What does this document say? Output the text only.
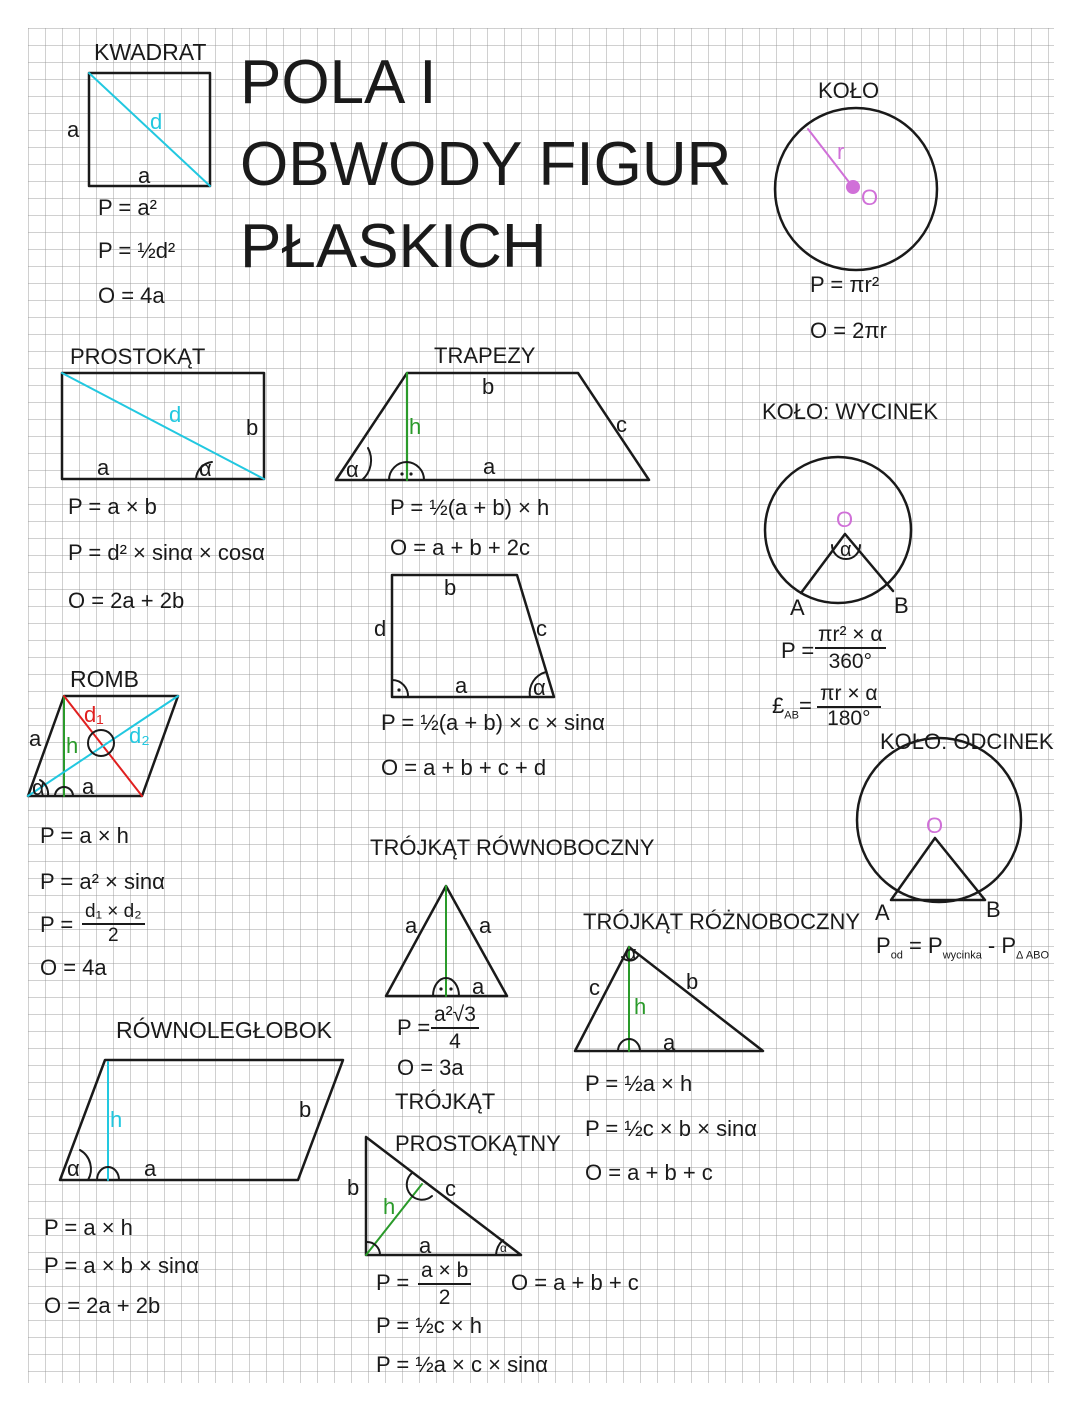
POLA I
OBWODY FIGUR
PŁASKICH
KWADRAT
a
a
d
P = a²
P = ½d²
O = 4a
KOŁO
r
O
P = πr²
O = 2πr
PROSTOKĄT
d
b
a	α
P = a × b
P = d² × sinα × cosα
O = 2a + 2b
TRAPEZY
b
c
h
a
α
P = ½(a + b) × h
O = a + b + 2c
b
d	c
a	α
P = ½(a + b) × c × sinα
O = a + b + c + d
KOŁO: WYCINEK
O
α
A	B
$P = \frac{\text{πr² × α}}{360^\circ}$
$£_{AB}= \frac{\pi r \times \alpha}{180^\circ}$
KOŁO: ODCINEK
O
A	B
$P_{od} = P_{wycinka} - P_{\Delta ABO}$
ROMB
a h
d₁
d₂
α a
P = a × h
P = a² × sinα
$P = \frac{\text{d₁ × d₂}}{2}$
O = 4a
TRÓJKĄT RÓWNOBOCZNY
a	a
a
$P = \frac{\text{a²√3}}{4}$
O = 3a
TRÓJKĄT RÓŻNOBOCZNY
c	b
h
a
α
P = ½a × h
P = ½c × b × sinα
O = a + b + c
RÓWNOLEGŁOBOK
h	b
a
α
P = a × h
P = a × b × sinα
O = 2a + 2b
TRÓJKĄT
PROSTOKĄTNY
b	c
h
a	α
$P = \frac{a \times b}{2}$ O = a + b + c
P = ½c × h
P = ½a × c × sinα
